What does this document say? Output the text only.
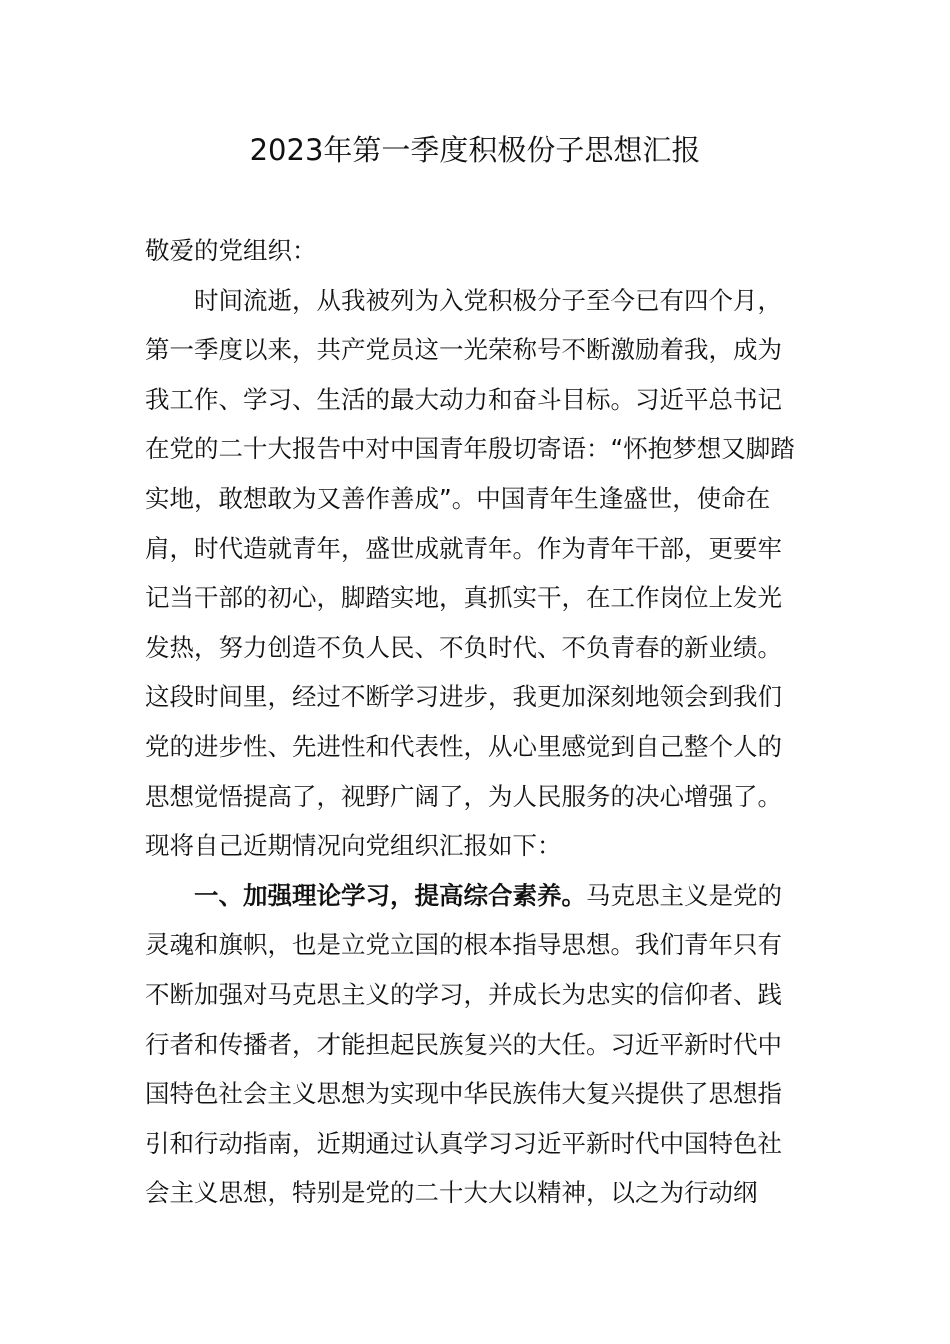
2023年第一季度积极份子思想汇报
敬爱的党组织：
时间流逝，从我被列为入党积极分子至今已有四个月，
第一季度以来，共产党员这一光荣称号不断激励着我，成为
我工作、学习、生活的最大动力和奋斗目标。习近平总书记
在党的二十大报告中对中国青年殷切寄语：“怀抱梦想又脚踏
实地，敢想敢为又善作善成”。中国青年生逢盛世，使命在
肩，时代造就青年，盛世成就青年。作为青年干部，更要牢
记当干部的初心，脚踏实地，真抓实干，在工作岗位上发光
发热，努力创造不负人民、不负时代、不负青春的新业绩。
这段时间里，经过不断学习进步，我更加深刻地领会到我们
党的进步性、先进性和代表性，从心里感觉到自己整个人的
思想觉悟提高了，视野广阔了，为人民服务的决心增强了。
现将自己近期情况向党组织汇报如下：
一、加强理论学习，提高综合素养。马克思主义是党的
灵魂和旗帜，也是立党立国的根本指导思想。我们青年只有
不断加强对马克思主义的学习，并成长为忠实的信仰者、践
行者和传播者，才能担起民族复兴的大任。习近平新时代中
国特色社会主义思想为实现中华民族伟大复兴提供了思想指
引和行动指南，近期通过认真学习习近平新时代中国特色社
会主义思想，特别是党的二十大大以精神，以之为行动纲
